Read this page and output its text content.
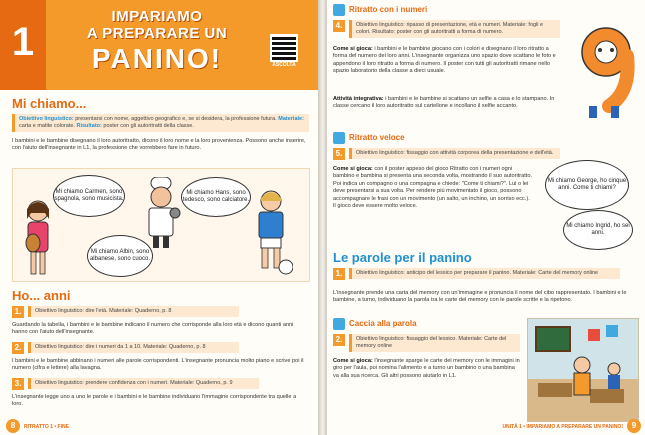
1
IMPARIAMO
A PREPARARE UN
PANINO!	ASCOLTA
Mi chiamo...
Obiettivo linguistico: presentarsi con nome, aggettivo geografico e, se si desidera, la professione futura. Materiale: carta e matite colorate. Risultato: poster con gli autoritratti della classe.
I bambini e le bambine disegnano il loro autoritratto, dicono il loro nome e la loro provenienza. Possono anche inserire, con l'aiuto dell'insegnante in L1, la professione che vorrebbero fare in futuro.
Mi chiamo Carmen, sono spagnola, sono musicista.
Mi chiamo Albin, sono albanese, sono cuoco.
Mi chiamo Hans, sono tedesco, sono calciatore.
Ho... anni
1.	Obiettivo linguistico: dire l'età. Materiale: Quaderno, p. 8
Guardando la tabella, i bambini e le bambine indicano il numero che corrisponde alla loro età e dicono quanti anni hanno con l'aiuto dell'insegnante.
2.	Obiettivo linguistico: dire i numeri da 1 a 10. Materiale: Quaderno, p. 8
I bambini e le bambine abbinano i numeri alle parole corrispondenti. L'insegnante pronuncia molto piano e scrive poi il numero (cifra e lettere) alla lavagna.
3.	Obiettivo linguistico: prendere confidenza con i numeri. Materiale: Quaderno, p. 9
L'insegnante legge uno a uno le parole e i bambini e le bambine individuano l'immagine corrispondente tra quelle a loro.
8	RITRATTO 1 • FINE
Ritratto con i numeri
4.	Obiettivo linguistico: ripasso di presentazione, età e numeri. Materiale: fogli e colori. Risultato: poster con gli autoritratti a forma di numero.
Come si gioca: i bambini e le bambine giocano con i colori e disegnano il loro ritratto a forma del numero dei loro anni. L'insegnante organizza uno spazio dove scattano le foto e appendono il loro ritratto a forma di numero. Il poster con tutti gli autoritratti rimane nello spazio laboratorio della classe a dieci usuale.
Attività integrativa: i bambini e le bambine si scattano un selfie a casa e lo stampano. In classe cercano il loro autoritratto sul cartellone e incollano il selfie accanto.
Ritratto veloce
5.	Obiettivo linguistico: fissaggio con attività corporea della presentazione e dell'età.
Come si gioca: con il poster appeso del gioco Ritratto con i numeri ogni bambino e bambina si presenta una seconda volta, mostrando il suo autoritratto. Poi indica un compagno o una compagna e chiede: "Come ti chiami?". Lui o lei deve presentarsi a sua volta. Per rendere più movimentato il gioco, possono accompagnare le frasi con un movimento (un salto, un inchino, un sorriso ecc.). Il gioco deve essere molto veloce.
Mi chiamo George, ho cinque anni. Come ti chiami?
Mi chiamo Ingrid, ho sei anni.
Le parole per il panino
1.	Obiettivo linguistico: anticipo del lessico per preparare il panino. Materiale: Carte del memory online
L'insegnante prende una carta del memory con un'immagine e pronuncia il nome del cibo rappresentato. I bambini e le bambine, a turno, individuano la parola tra le carte del memory con le parole scritte e la ripetono.
Caccia alla parola
2.	Obiettivo linguistico: fissaggio del lessico. Materiale: Carte del memory online
Come si gioca: l'insegnante sparge le carte del memory con le immagini in giro per l'aula, poi nomina l'alimento e a turno un bambino o una bambina va alla sua ricerca. Gli altri possono aiutarlo in L1.
UNITÀ 1 • IMPARIAMO A PREPARARE UN PANINO!	9
